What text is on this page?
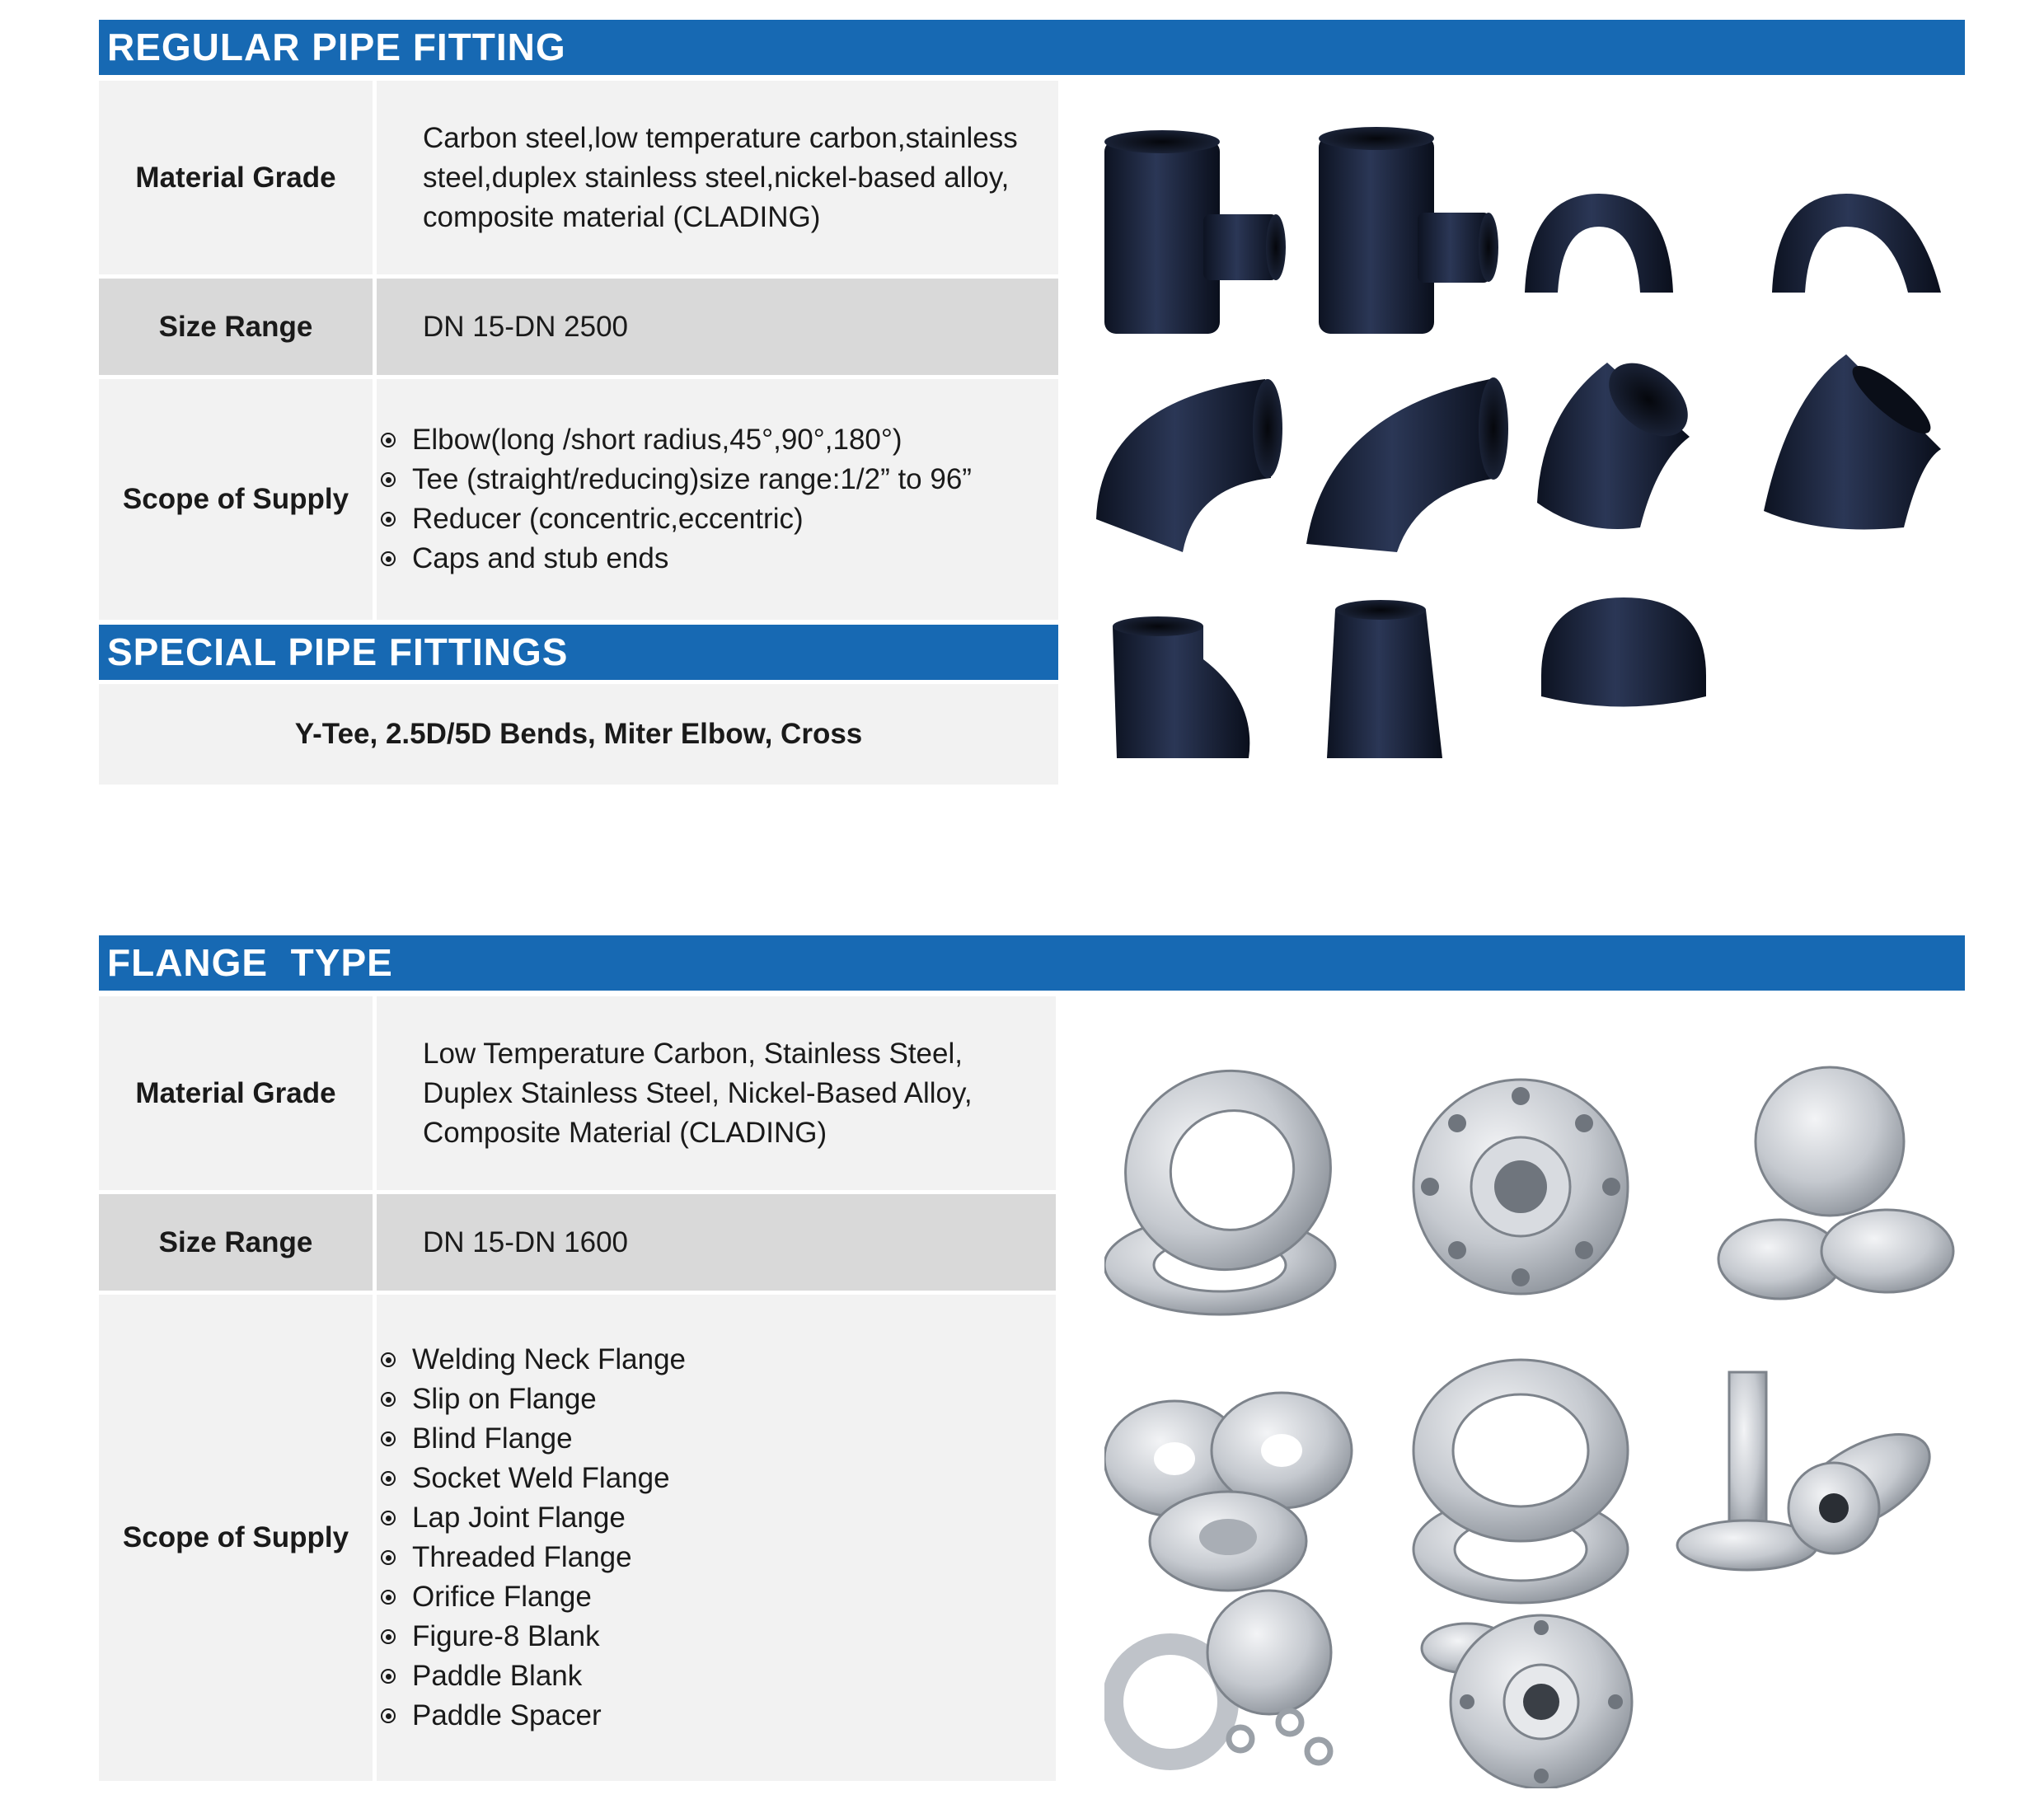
REGULAR PIPE FITTING
Material Grade
Carbon steel,low temperature carbon,stainless steel,duplex stainless steel,nickel-based alloy, composite material (CLADING)
Size Range	DN 15-DN 2500
Scope of Supply
Elbow(long /short radius,45°,90°,180°)
Tee (straight/reducing)size range:1/2” to 96”
Reducer (concentric,eccentric)
Caps and stub ends
SPECIAL PIPE FITTINGS
Y-Tee, 2.5D/5D Bends, Miter Elbow, Cross
FLANGE  TYPE
Material Grade
Low Temperature Carbon, Stainless Steel, Duplex Stainless Steel, Nickel-Based Alloy, Composite Material (CLADING)
Size Range	DN 15-DN 1600
Scope of Supply
Welding Neck Flange
Slip on Flange
Blind Flange
Socket Weld Flange
Lap Joint Flange
Threaded Flange
Orifice Flange
Figure-8 Blank
Paddle Blank
Paddle Spacer
